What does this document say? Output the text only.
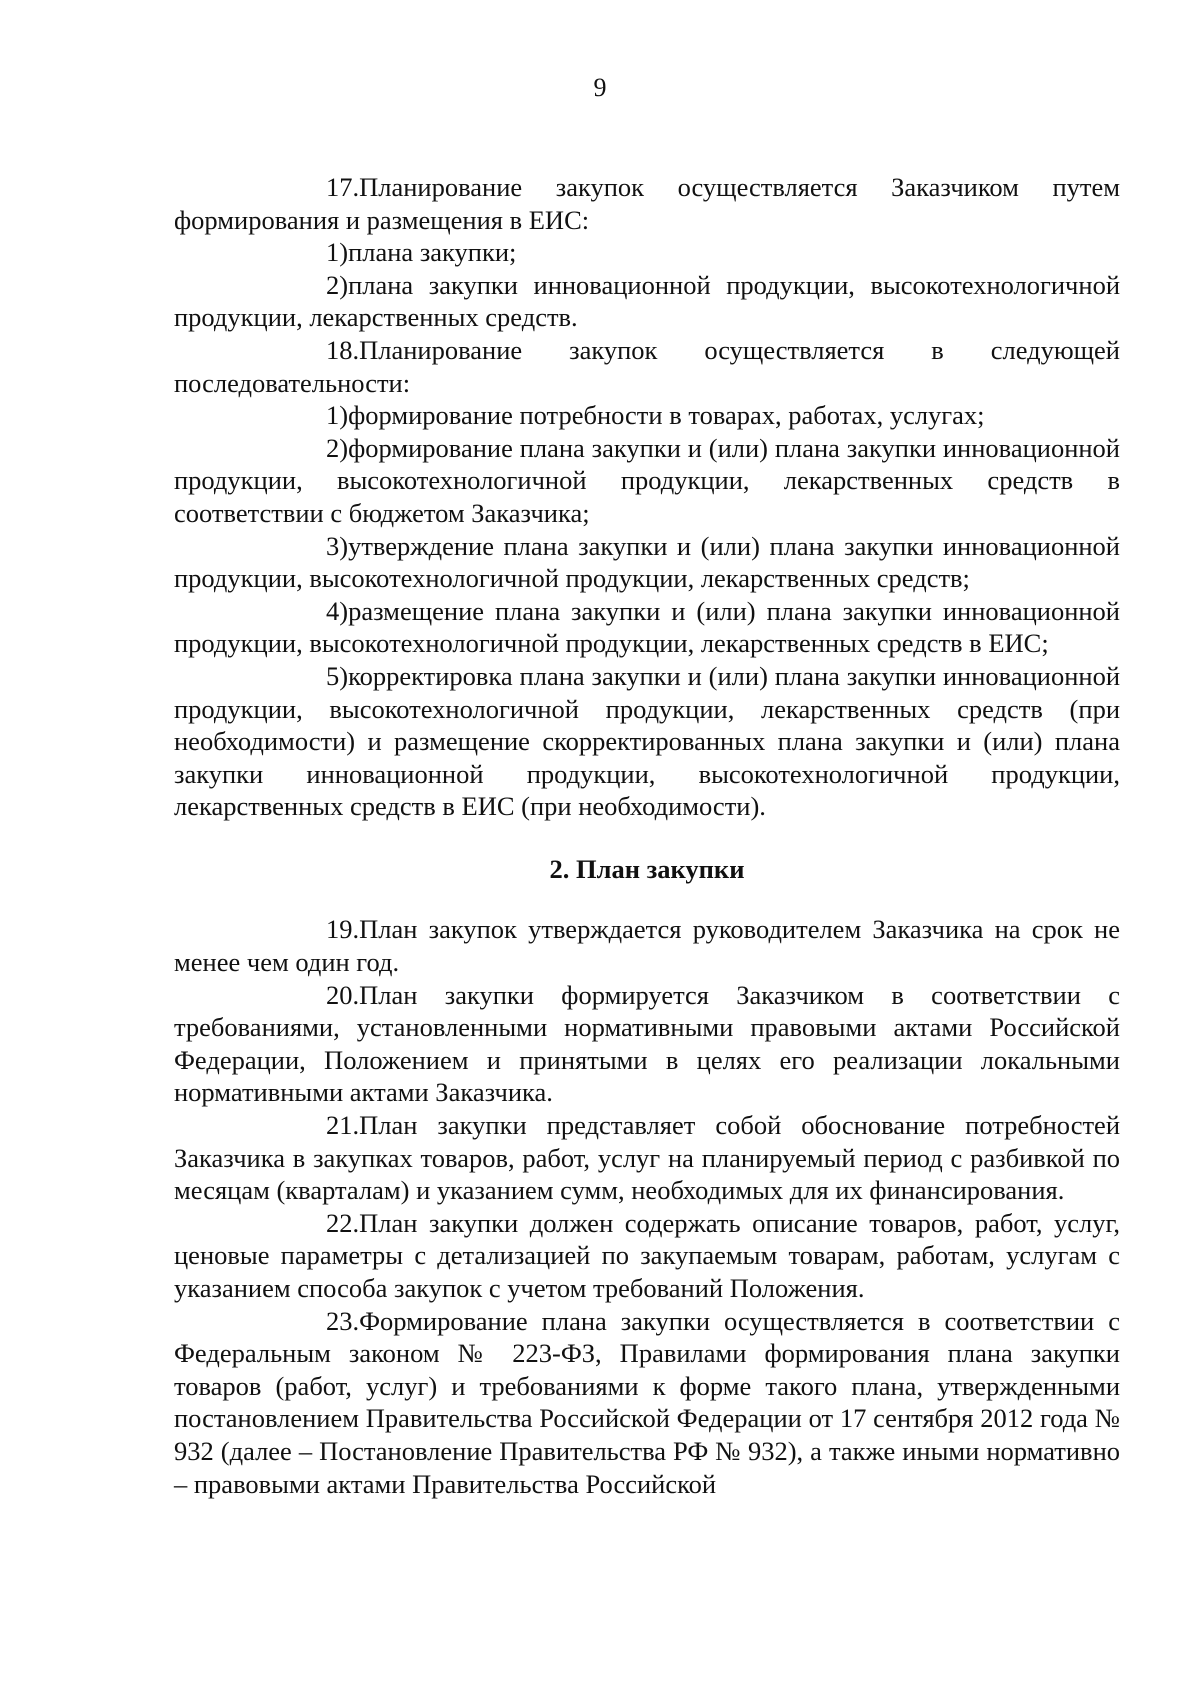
9

17.Планирование закупок осуществляется Заказчиком путем формирования и размещения в ЕИС:

1)плана закупки;

2)плана закупки инновационной продукции, высокотехнологичной продукции, лекарственных средств.

18.Планирование закупок осуществляется в следующей последовательности:

1)формирование потребности в товарах, работах, услугах;

2)формирование плана закупки и (или) плана закупки инновационной продукции, высокотехнологичной продукции, лекарственных средств в соответствии с бюджетом Заказчика;

3)утверждение плана закупки и (или) плана закупки инновационной продукции, высокотехнологичной продукции, лекарственных средств;

4)размещение плана закупки и (или) плана закупки инновационной продукции, высокотехнологичной продукции, лекарственных средств в ЕИС;

5)корректировка плана закупки и (или) плана закупки инновационной продукции, высокотехнологичной продукции, лекарственных средств (при необходимости) и размещение скорректированных плана закупки и (или) плана закупки инновационной продукции, высокотехнологичной продукции, лекарственных средств в ЕИС (при необходимости).

2. План закупки

19.План закупок утверждается руководителем Заказчика на срок не менее чем один год.

20.План закупки формируется Заказчиком в соответствии с требованиями, установленными нормативными правовыми актами Российской Федерации, Положением и принятыми в целях его реализации локальными нормативными актами Заказчика.

21.План закупки представляет собой обоснование потребностей Заказчика в закупках товаров, работ, услуг на планируемый период с разбивкой по месяцам (кварталам) и указанием сумм, необходимых для их финансирования.

22.План закупки должен содержать описание товаров, работ, услуг, ценовые параметры с детализацией по закупаемым товарам, работам, услугам с указанием способа закупок с учетом требований Положения.

23.Формирование плана закупки осуществляется в соответствии с Федеральным законом № 223-ФЗ, Правилами формирования плана закупки товаров (работ, услуг) и требованиями к форме такого плана, утвержденными постановлением Правительства Российской Федерации от 17 сентября 2012 года № 932 (далее – Постановление Правительства РФ № 932), а также иными нормативно – правовыми актами Правительства Российской
